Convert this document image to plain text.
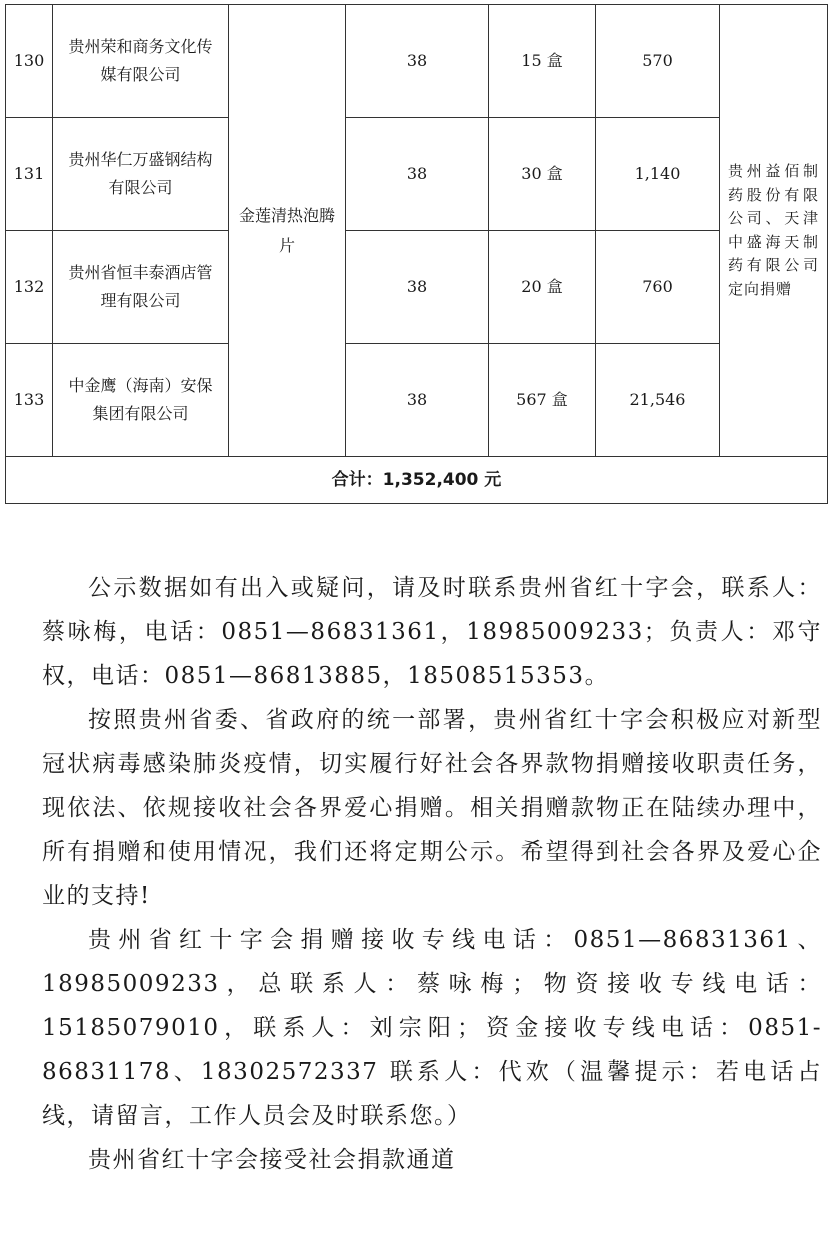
130	贵州荣和商务文化传媒有限公司	金莲清热泡腾片	38	15 盒	570	贵州益佰制药股份有限公司、天津中盛海天制药有限公司定向捐赠
131	贵州华仁万盛钢结构有限公司		38	30 盒	1,140	
132	贵州省恒丰泰酒店管理有限公司		38	20 盒	760	
133	中金鹰（海南）安保集团有限公司		38	567 盒	21,546	
合计：1,352,400 元						

公示数据如有出入或疑问，请及时联系贵州省红十字会，联系人：蔡咏梅，电话：0851—86831361，18985009233；负责人：邓守权，电话：0851—86813885，18508515353。

按照贵州省委、省政府的统一部署，贵州省红十字会积极应对新型冠状病毒感染肺炎疫情，切实履行好社会各界款物捐赠接收职责任务，现依法、依规接收社会各界爱心捐赠。相关捐赠款物正在陆续办理中，所有捐赠和使用情况，我们还将定期公示。希望得到社会各界及爱心企业的支持!

贵州省红十字会捐赠接收专线电话：0851—86831361、18985009233，总联系人：蔡咏梅；物资接收专线电话：15185079010，联系人：刘宗阳；资金接收专线电话：0851-86831178、18302572337 联系人：代欢（温馨提示：若电话占线，请留言，工作人员会及时联系您。）

贵州省红十字会接受社会捐款通道
